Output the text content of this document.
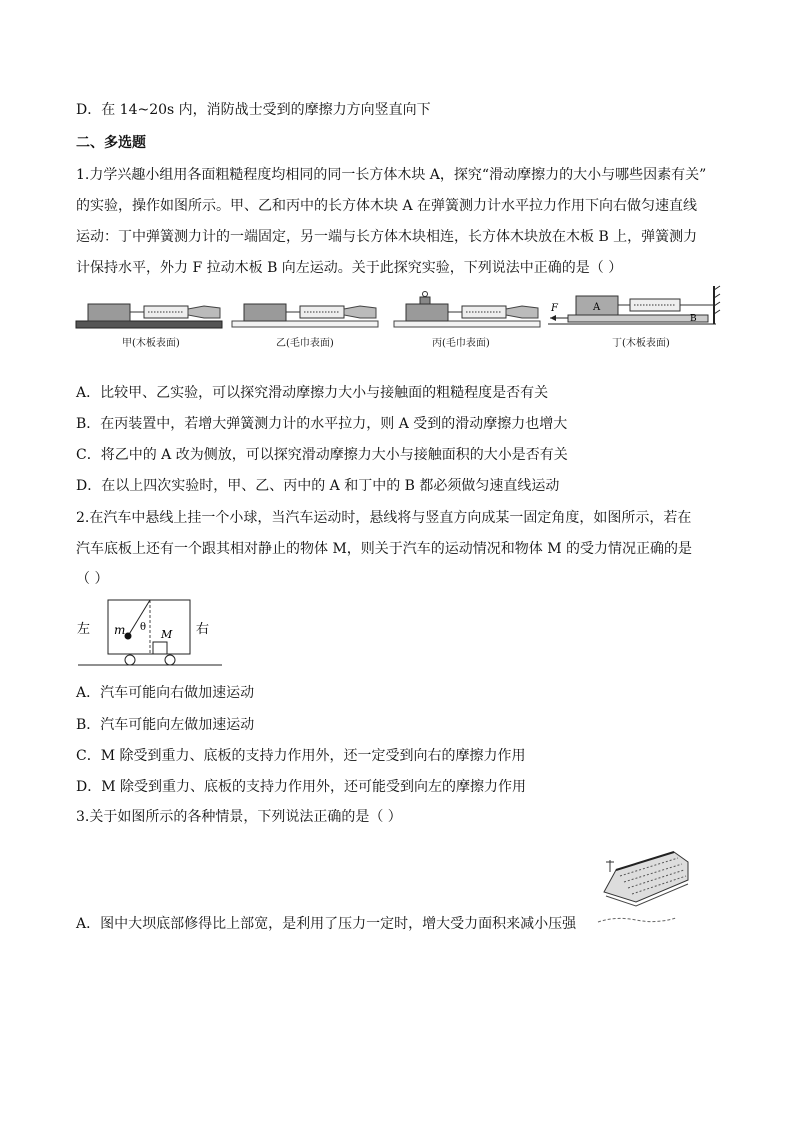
D．在 14~20s 内，消防战士受到的摩擦力方向竖直向下
二、多选题
1.力学兴趣小组用各面粗糙程度均相同的同一长方体木块 A，探究“滑动摩擦力的大小与哪些因素有关”
的实验，操作如图所示。甲、乙和丙中的长方体木块 A 在弹簧测力计水平拉力作用下向右做匀速直线
运动：丁中弹簧测力计的一端固定，另一端与长方体木块相连，长方体木块放在木板 B 上，弹簧测力
计保持水平，外力 F 拉动木板 B 向左运动。关于此探究实验，下列说法中正确的是（ ）
甲(木板表面)	乙(毛巾表面)	丙(毛巾表面)
F	A
B
丁(木板表面)
A．比较甲、乙实验，可以探究滑动摩擦力大小与接触面的粗糙程度是否有关
B．在丙装置中，若增大弹簧测力计的水平拉力，则 A 受到的滑动摩擦力也增大
C．将乙中的 A 改为侧放，可以探究滑动摩擦力大小与接触面积的大小是否有关
D．在以上四次实验时，甲、乙、丙中的 A 和丁中的 B 都必须做匀速直线运动
2.在汽车中悬线上挂一个小球，当汽车运动时，悬线将与竖直方向成某一固定角度，如图所示，若在
汽车底板上还有一个跟其相对静止的物体 M，则关于汽车的运动情况和物体 M 的受力情况正确的是
（ ）
左	右
m θ
M
A．汽车可能向右做加速运动
B．汽车可能向左做加速运动
C．M 除受到重力、底板的支持力作用外，还一定受到向右的摩擦力作用
D．M 除受到重力、底板的支持力作用外，还可能受到向左的摩擦力作用
3.关于如图所示的各种情景，下列说法正确的是（ ）
A．图中大坝底部修得比上部宽，是利用了压力一定时，增大受力面积来减小压强
